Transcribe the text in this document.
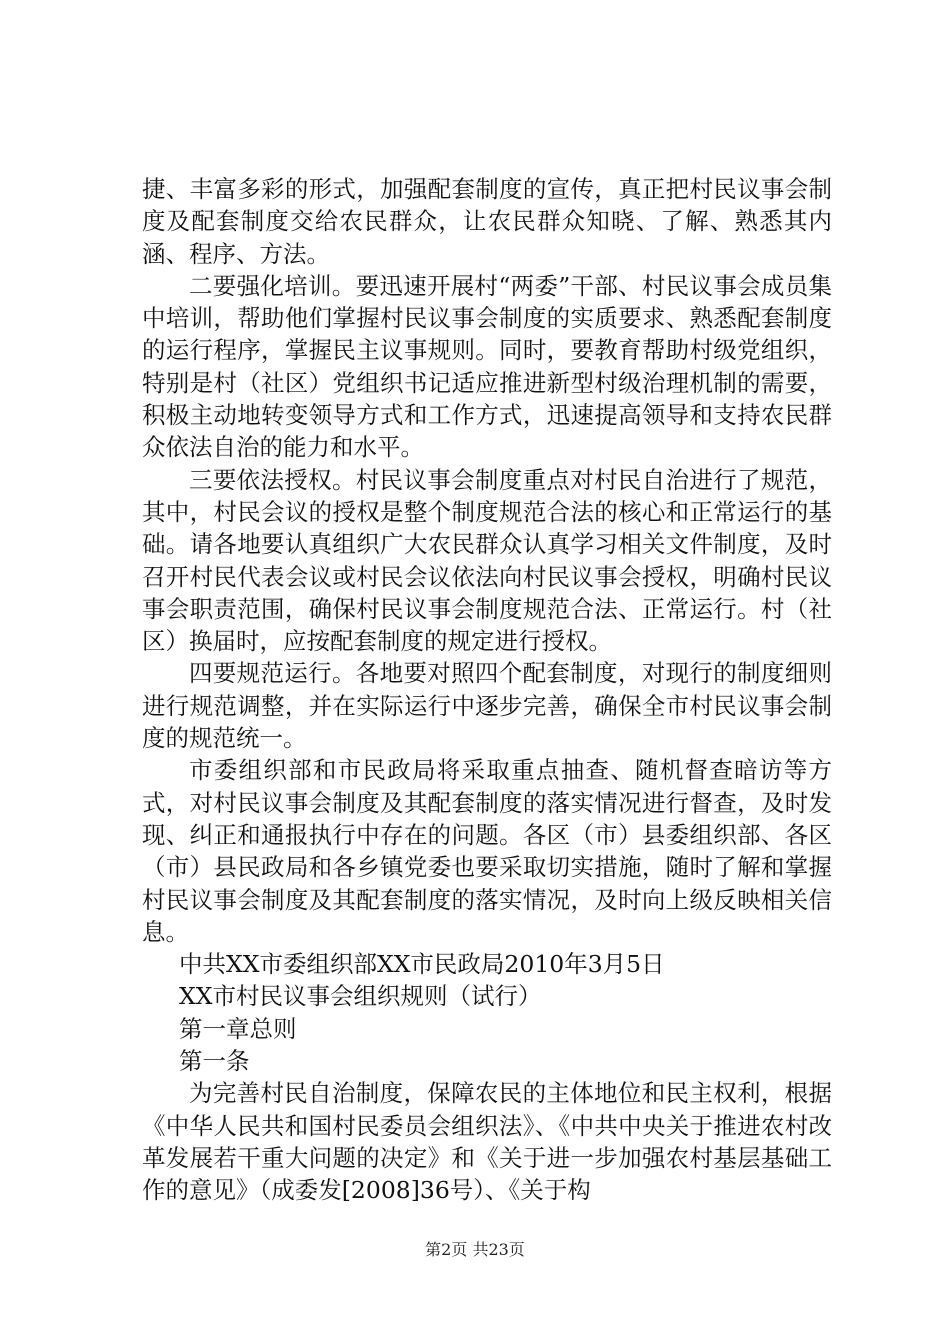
捷、丰富多彩的形式，加强配套制度的宣传，真正把村民议事会制度及配套制度交给农民群众，让农民群众知晓、了解、熟悉其内涵、程序、方法。

二要强化培训。要迅速开展村“两委”干部、村民议事会成员集中培训，帮助他们掌握村民议事会制度的实质要求、熟悉配套制度的运行程序，掌握民主议事规则。同时，要教育帮助村级党组织，特别是村（社区）党组织书记适应推进新型村级治理机制的需要，积极主动地转变领导方式和工作方式，迅速提高领导和支持农民群众依法自治的能力和水平。

三要依法授权。村民议事会制度重点对村民自治进行了规范，其中，村民会议的授权是整个制度规范合法的核心和正常运行的基础。请各地要认真组织广大农民群众认真学习相关文件制度，及时召开村民代表会议或村民会议依法向村民议事会授权，明确村民议事会职责范围，确保村民议事会制度规范合法、正常运行。村（社区）换届时，应按配套制度的规定进行授权。

四要规范运行。各地要对照四个配套制度，对现行的制度细则进行规范调整，并在实际运行中逐步完善，确保全市村民议事会制度的规范统一。

市委组织部和市民政局将采取重点抽查、随机督查暗访等方式，对村民议事会制度及其配套制度的落实情况进行督查，及时发现、纠正和通报执行中存在的问题。各区（市）县委组织部、各区（市）县民政局和各乡镇党委也要采取切实措施，随时了解和掌握村民议事会制度及其配套制度的落实情况，及时向上级反映相关信息。

中共XX市委组织部XX市民政局2010年3月5日

XX市村民议事会组织规则（试行）

第一章总则

第一条

为完善村民自治制度，保障农民的主体地位和民主权利，根据《中华人民共和国村民委员会组织法》、《中共中央关于推进农村改革发展若干重大问题的决定》和《关于进一步加强农村基层基础工作的意见》（成委发[2008]36号）、《关于构

第2页 共23页
